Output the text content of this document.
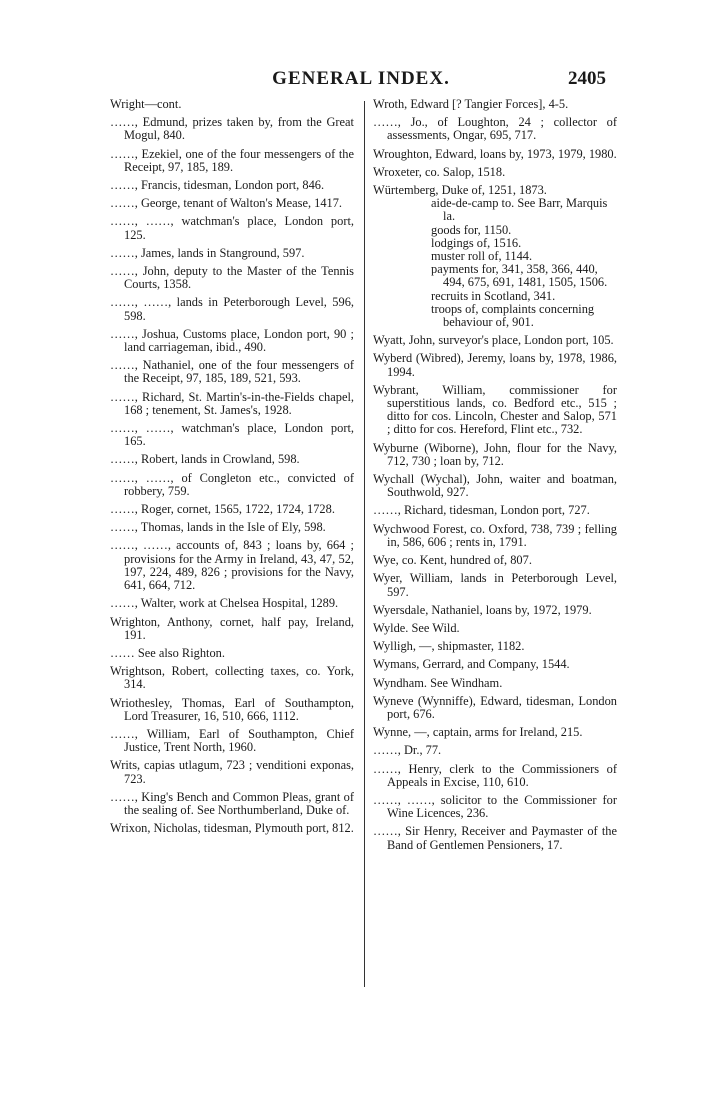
GENERAL INDEX.	2405
Wright—cont.
……, Edmund, prizes taken by, from the Great Mogul, 840.
……, Ezekiel, one of the four messengers of the Receipt, 97, 185, 189.
……, Francis, tidesman, London port, 846.
……, George, tenant of Walton's Mease, 1417.
……, ……, watchman's place, London port, 125.
……, James, lands in Stanground, 597.
……, John, deputy to the Master of the Tennis Courts, 1358.
……, ……, lands in Peterborough Level, 596, 598.
……, Joshua, Customs place, London port, 90 ; land carriageman, ibid., 490.
……, Nathaniel, one of the four messengers of the Receipt, 97, 185, 189, 521, 593.
……, Richard, St. Martin's-in-the-Fields chapel, 168 ; tenement, St. James's, 1928.
……, ……, watchman's place, London port, 165.
……, Robert, lands in Crowland, 598.
……, ……, of Congleton etc., convicted of robbery, 759.
……, Roger, cornet, 1565, 1722, 1724, 1728.
……, Thomas, lands in the Isle of Ely, 598.
……, ……, accounts of, 843 ; loans by, 664 ; provisions for the Army in Ireland, 43, 47, 52, 197, 224, 489, 826 ; provisions for the Navy, 641, 664, 712.
……, Walter, work at Chelsea Hospital, 1289.
Wrighton, Anthony, cornet, half pay, Ireland, 191.
…… See also Righton.
Wrightson, Robert, collecting taxes, co. York, 314.
Wriothesley, Thomas, Earl of Southampton, Lord Treasurer, 16, 510, 666, 1112.
……, William, Earl of Southampton, Chief Justice, Trent North, 1960.
Writs, capias utlagum, 723 ; venditioni exponas, 723.
……, King's Bench and Common Pleas, grant of the sealing of. See Northumberland, Duke of.
Wrixon, Nicholas, tidesman, Plymouth port, 812.
Wroth, Edward [? Tangier Forces], 4-5.
……, Jo., of Loughton, 24 ; collector of assessments, Ongar, 695, 717.
Wroughton, Edward, loans by, 1973, 1979, 1980.
Wroxeter, co. Salop, 1518.
Würtemberg, Duke of, 1251, 1873.
aide-de-camp to. See Barr, Marquis la.
goods for, 1150.
lodgings of, 1516.
muster roll of, 1144.
payments for, 341, 358, 366, 440, 494, 675, 691, 1481, 1505, 1506.
recruits in Scotland, 341.
troops of, complaints concerning behaviour of, 901.
Wyatt, John, surveyor's place, London port, 105.
Wyberd (Wibred), Jeremy, loans by, 1978, 1986, 1994.
Wybrant, William, commissioner for superstitious lands, co. Bedford etc., 515 ; ditto for cos. Lincoln, Chester and Salop, 571 ; ditto for cos. Hereford, Flint etc., 732.
Wyburne (Wiborne), John, flour for the Navy, 712, 730 ; loan by, 712.
Wychall (Wychal), John, waiter and boatman, Southwold, 927.
……, Richard, tidesman, London port, 727.
Wychwood Forest, co. Oxford, 738, 739 ; felling in, 586, 606 ; rents in, 1791.
Wye, co. Kent, hundred of, 807.
Wyer, William, lands in Peterborough Level, 597.
Wyersdale, Nathaniel, loans by, 1972, 1979.
Wylde. See Wild.
Wylligh, —, shipmaster, 1182.
Wymans, Gerrard, and Company, 1544.
Wyndham. See Windham.
Wyneve (Wynniffe), Edward, tidesman, London port, 676.
Wynne, —, captain, arms for Ireland, 215.
……, Dr., 77.
……, Henry, clerk to the Commissioners of Appeals in Excise, 110, 610.
……, ……, solicitor to the Commissioner for Wine Licences, 236.
……, Sir Henry, Receiver and Paymaster of the Band of Gentlemen Pensioners, 17.
